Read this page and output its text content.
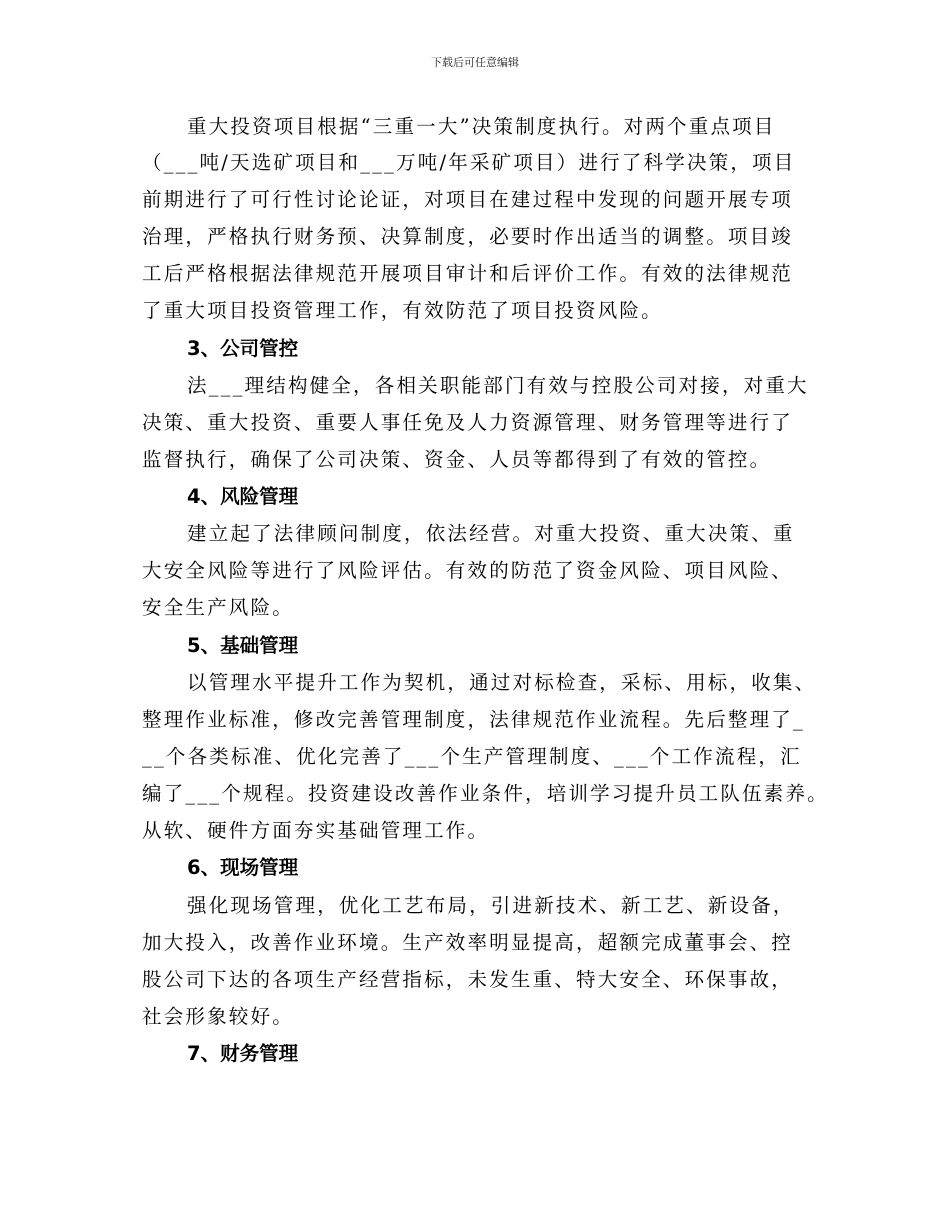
下载后可任意编辑
重大投资项目根据“三重一大”决策制度执行。对两个重点项目
（___吨/天选矿项目和___万吨/年采矿项目）进行了科学决策，项目
前期进行了可行性讨论论证，对项目在建过程中发现的问题开展专项
治理，严格执行财务预、决算制度，必要时作出适当的调整。项目竣
工后严格根据法律规范开展项目审计和后评价工作。有效的法律规范
了重大项目投资管理工作，有效防范了项目投资风险。
3、公司管控
法___理结构健全，各相关职能部门有效与控股公司对接，对重大
决策、重大投资、重要人事任免及人力资源管理、财务管理等进行了
监督执行，确保了公司决策、资金、人员等都得到了有效的管控。
4、风险管理
建立起了法律顾问制度，依法经营。对重大投资、重大决策、重
大安全风险等进行了风险评估。有效的防范了资金风险、项目风险、
安全生产风险。
5、基础管理
以管理水平提升工作为契机，通过对标检查，采标、用标，收集、
整理作业标准，修改完善管理制度，法律规范作业流程。先后整理了_
__个各类标准、优化完善了___个生产管理制度、___个工作流程，汇
编了___个规程。投资建设改善作业条件，培训学习提升员工队伍素养。
从软、硬件方面夯实基础管理工作。
6、现场管理
强化现场管理，优化工艺布局，引进新技术、新工艺、新设备，
加大投入，改善作业环境。生产效率明显提高，超额完成董事会、控
股公司下达的各项生产经营指标，未发生重、特大安全、环保事故，
社会形象较好。
7、财务管理
